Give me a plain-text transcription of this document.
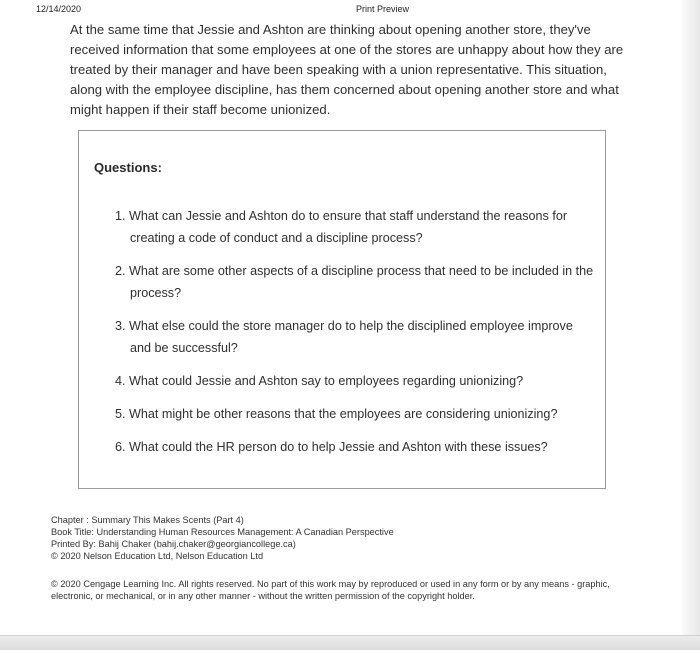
12/14/2020	Print Preview

At the same time that Jessie and Ashton are thinking about opening another store, they've received information that some employees at one of the stores are unhappy about how they are treated by their manager and have been speaking with a union representative. This situation, along with the employee discipline, has them concerned about opening another store and what might happen if their staff become unionized.

Questions:
1. What can Jessie and Ashton do to ensure that staff understand the reasons for creating a code of conduct and a discipline process?
2. What are some other aspects of a discipline process that need to be included in the process?
3. What else could the store manager do to help the disciplined employee improve and be successful?
4. What could Jessie and Ashton say to employees regarding unionizing?
5. What might be other reasons that the employees are considering unionizing?
6. What could the HR person do to help Jessie and Ashton with these issues?
Chapter : Summary This Makes Scents (Part 4)
Book Title: Understanding Human Resources Management: A Canadian Perspective
Printed By: Bahij Chaker (bahij.chaker@georgiancollege.ca)
© 2020 Nelson Education Ltd, Nelson Education Ltd

© 2020 Cengage Learning Inc. All rights reserved. No part of this work may by reproduced or used in any form or by any means - graphic, electronic, or mechanical, or in any other manner - without the written permission of the copyright holder.
